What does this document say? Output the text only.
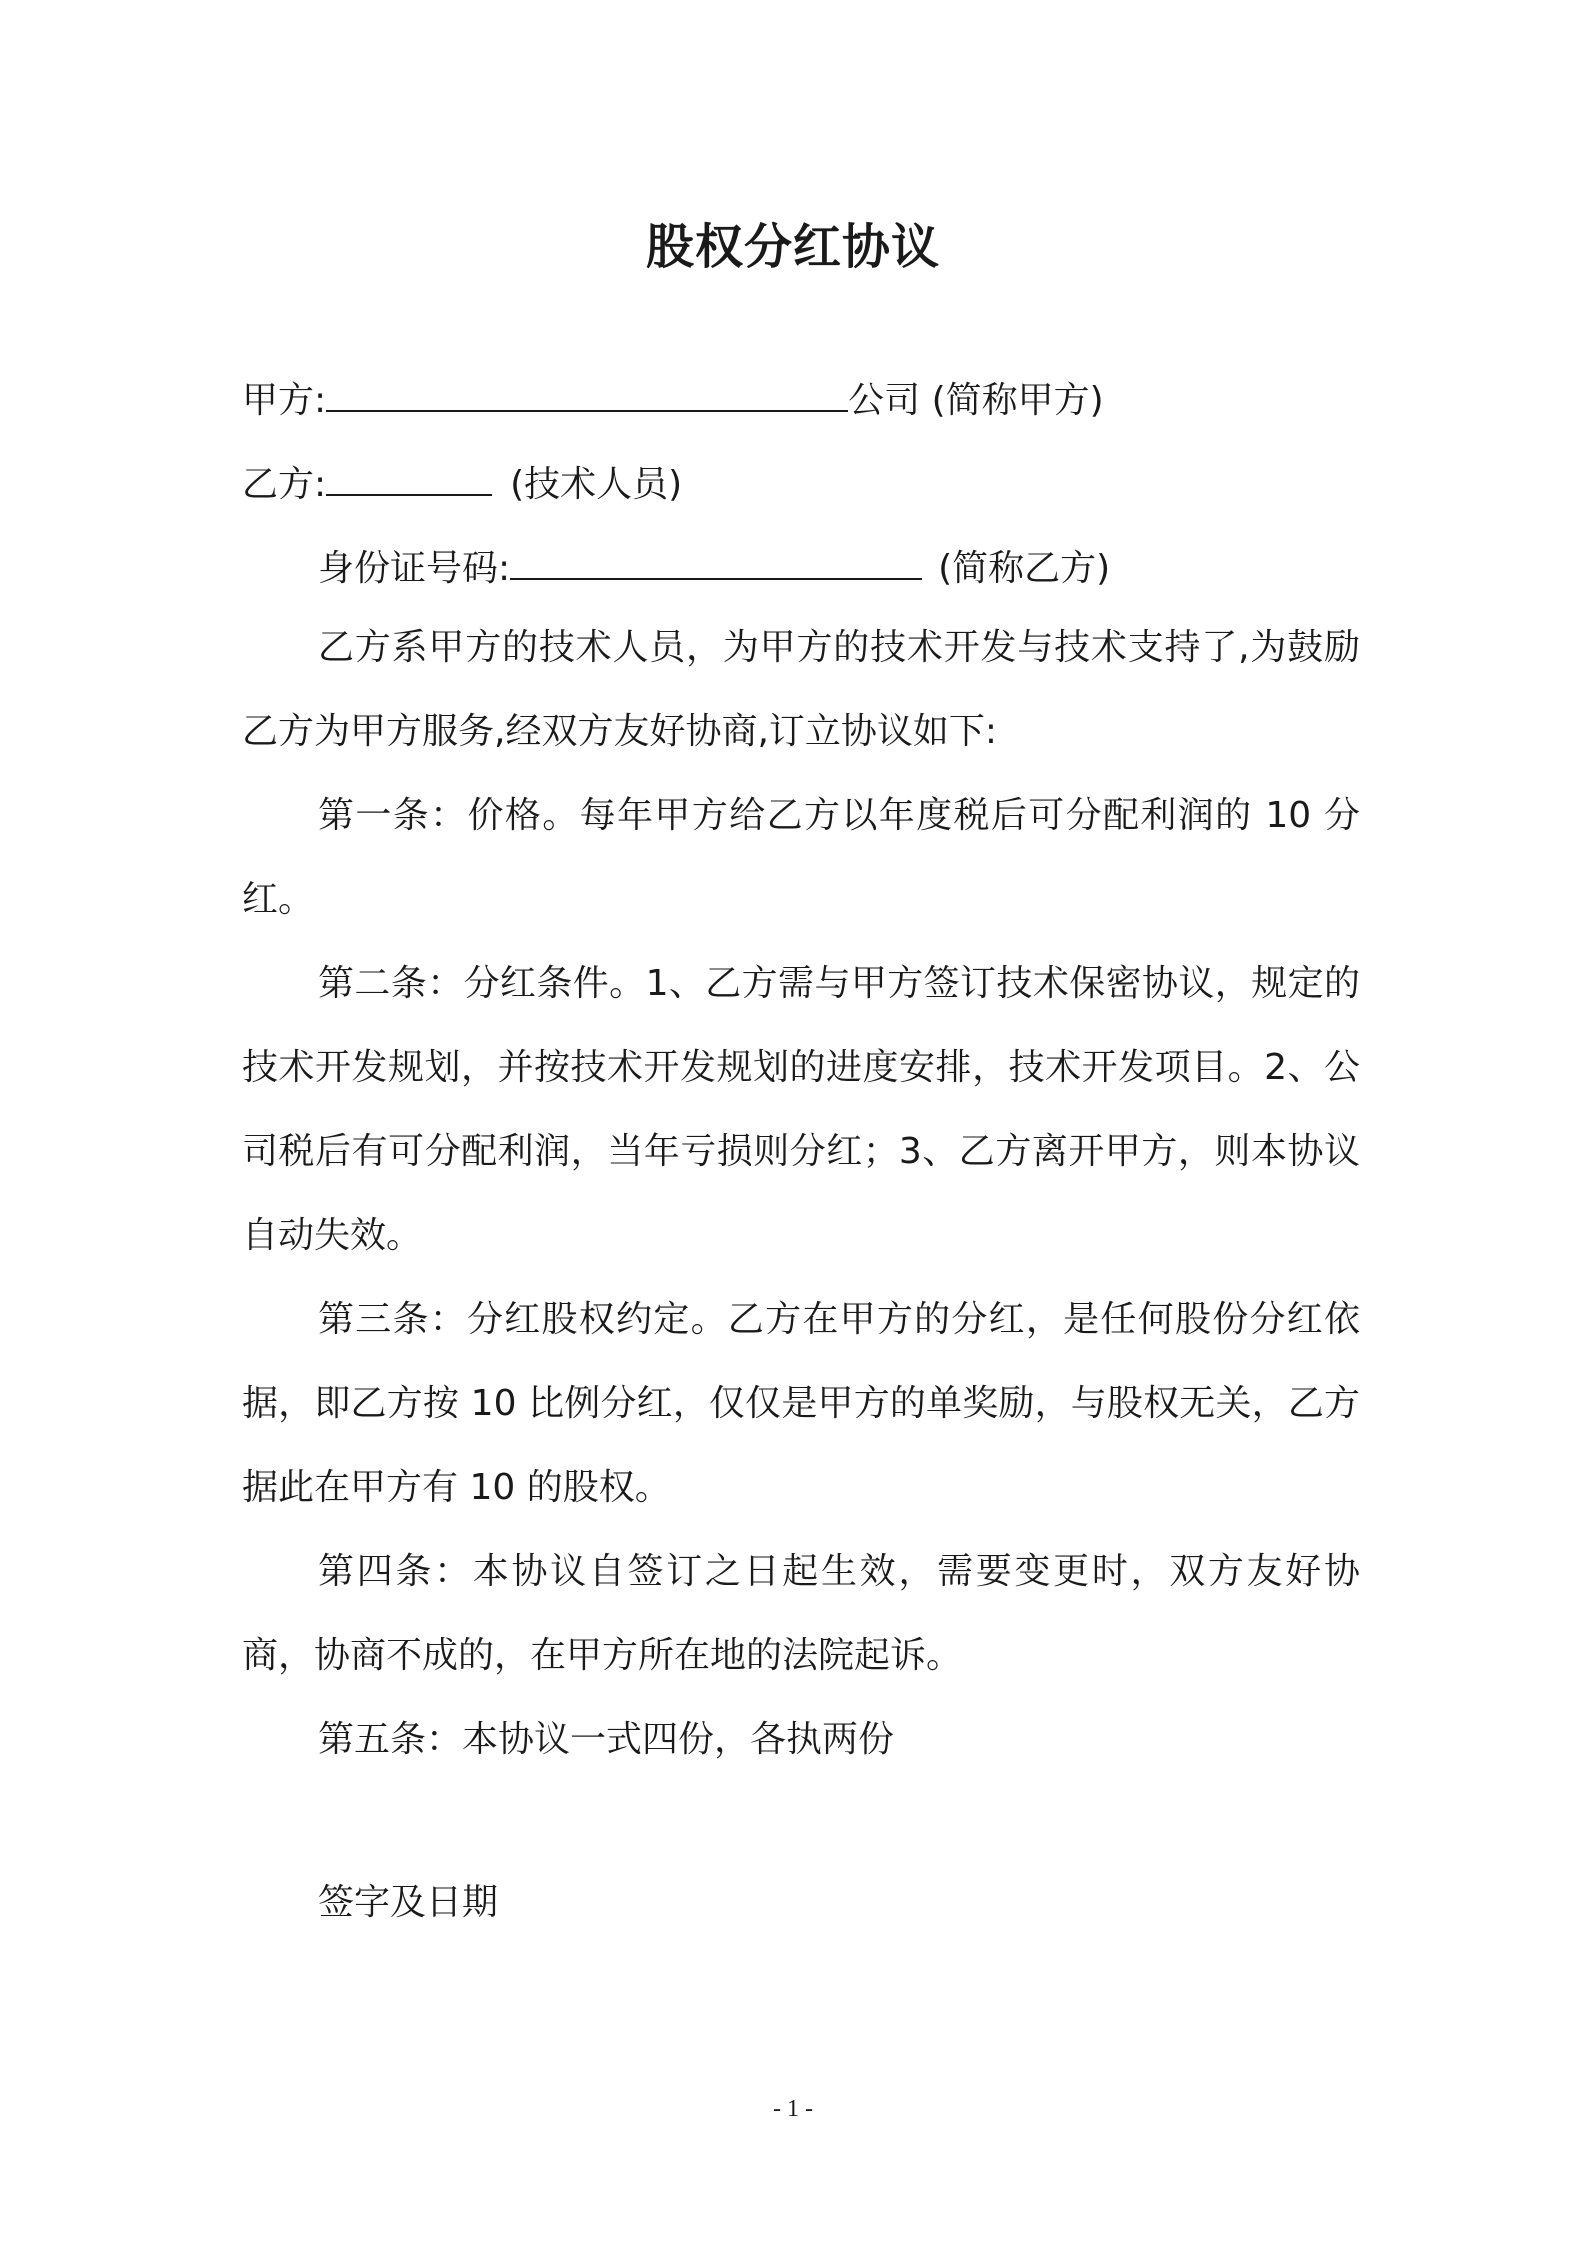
股权分红协议
甲方:	公司 (简称甲方)
乙方:	(技术人员)
身份证号码:	(简称乙方)
乙方系甲方的技术人员，为甲方的技术开发与技术支持了,为鼓励乙方为甲方服务,经双方友好协商,订立协议如下:
第一条：价格。每年甲方给乙方以年度税后可分配利润的 10 分红。
第二条：分红条件。1、乙方需与甲方签订技术保密协议，规定的技术开发规划，并按技术开发规划的进度安排，技术开发项目。2、公司税后有可分配利润，当年亏损则分红；3、乙方离开甲方，则本协议自动失效。
第三条：分红股权约定。乙方在甲方的分红，是任何股份分红依据，即乙方按 10 比例分红，仅仅是甲方的单奖励，与股权无关，乙方据此在甲方有 10 的股权。
第四条：本协议自签订之日起生效，需要变更时，双方友好协商，协商不成的，在甲方所在地的法院起诉。
第五条：本协议一式四份，各执两份
签字及日期
- 1 -
